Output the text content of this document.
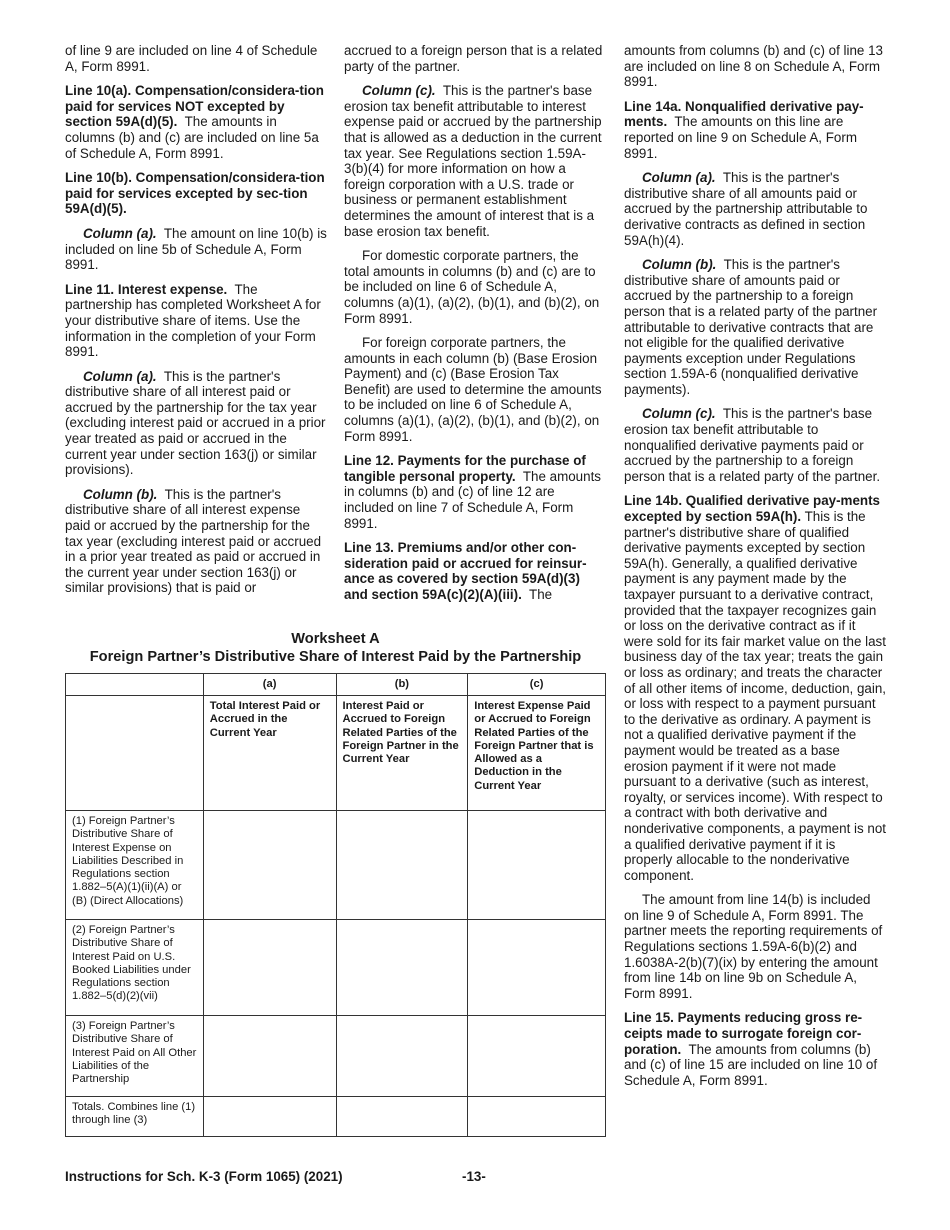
of line 9 are included on line 4 of Schedule A, Form 8991.

Line 10(a). Compensation/considera-tion paid for services NOT excepted by section 59A(d)(5). The amounts in columns (b) and (c) are included on line 5a of Schedule A, Form 8991.

Line 10(b). Compensation/considera-tion paid for services excepted by sec-tion 59A(d)(5).

Column (a). The amount on line 10(b) is included on line 5b of Schedule A, Form 8991.

Line 11. Interest expense. The partnership has completed Worksheet A for your distributive share of items. Use the information in the completion of your Form 8991.

Column (a). This is the partner's distributive share of all interest paid or accrued by the partnership for the tax year (excluding interest paid or accrued in a prior year treated as paid or accrued in the current year under section 163(j) or similar provisions).

Column (b). This is the partner's distributive share of all interest expense paid or accrued by the partnership for the tax year (excluding interest paid or accrued in a prior year treated as paid or accrued in the current year under section 163(j) or similar provisions) that is paid or

accrued to a foreign person that is a related party of the partner.

Column (c). This is the partner's base erosion tax benefit attributable to interest expense paid or accrued by the partnership that is allowed as a deduction in the current tax year. See Regulations section 1.59A-3(b)(4) for more information on how a foreign corporation with a U.S. trade or business or permanent establishment determines the amount of interest that is a base erosion tax benefit.

For domestic corporate partners, the total amounts in columns (b) and (c) are to be included on line 6 of Schedule A, columns (a)(1), (a)(2), (b)(1), and (b)(2), on Form 8991.

For foreign corporate partners, the amounts in each column (b) (Base Erosion Payment) and (c) (Base Erosion Tax Benefit) are used to determine the amounts to be included on line 6 of Schedule A, columns (a)(1), (a)(2), (b)(1), and (b)(2), on Form 8991.

Line 12. Payments for the purchase of tangible personal property. The amounts in columns (b) and (c) of line 12 are included on line 7 of Schedule A, Form 8991.

Line 13. Premiums and/or other con-sideration paid or accrued for reinsur-ance as covered by section 59A(d)(3) and section 59A(c)(2)(A)(iii). The

amounts from columns (b) and (c) of line 13 are included on line 8 on Schedule A, Form 8991.

Line 14a. Nonqualified derivative pay-ments. The amounts on this line are reported on line 9 on Schedule A, Form 8991.

Column (a). This is the partner's distributive share of all amounts paid or accrued by the partnership attributable to derivative contracts as defined in section 59A(h)(4).

Column (b). This is the partner's distributive share of amounts paid or accrued by the partnership to a foreign person that is a related party of the partner attributable to derivative contracts that are not eligible for the qualified derivative payments exception under Regulations section 1.59A-6 (nonqualified derivative payments).

Column (c). This is the partner's base erosion tax benefit attributable to nonqualified derivative payments paid or accrued by the partnership to a foreign person that is a related party of the partner.

Line 14b. Qualified derivative pay-ments excepted by section 59A(h). This is the partner's distributive share of qualified derivative payments excepted by section 59A(h). Generally, a qualified derivative payment is any payment made by the taxpayer pursuant to a derivative contract, provided that the taxpayer recognizes gain or loss on the derivative contract as if it were sold for its fair market value on the last business day of the tax year; treats the gain or loss as ordinary; and treats the character of all other items of income, deduction, gain, or loss with respect to a payment pursuant to the derivative as ordinary. A payment is not a qualified derivative payment if the payment would be treated as a base erosion payment if it were not made pursuant to a derivative (such as interest, royalty, or services income). With respect to a contract with both derivative and nonderivative components, a payment is not a qualified derivative payment if it is properly allocable to the nonderivative component.

The amount from line 14(b) is included on line 9 of Schedule A, Form 8991. The partner meets the reporting requirements of Regulations sections 1.59A-6(b)(2) and 1.6038A-2(b)(7)(ix) by entering the amount from line 14b on line 9b on Schedule A, Form 8991.

Line 15. Payments reducing gross re-ceipts made to surrogate foreign cor-poration. The amounts from columns (b) and (c) of line 15 are included on line 10 of Schedule A, Form 8991.

Worksheet A
Foreign Partner’s Distributive Share of Interest Paid by the Partnership
	(a)	(b)	(c)
	Total Interest Paid or Accrued in the Current Year	Interest Paid or Accrued to Foreign Related Parties of the Foreign Partner in the Current Year	Interest Expense Paid or Accrued to Foreign Related Parties of the Foreign Partner that is Allowed as a Deduction in the Current Year
(1) Foreign Partner’s Distributive Share of Interest Expense on Liabilities Described in Regulations section 1.882–5(A)(1)(ii)(A) or (B) (Direct Allocations)			
(2) Foreign Partner’s Distributive Share of Interest Paid on U.S. Booked Liabilities under Regulations section 1.882–5(d)(2)(vii)			
(3) Foreign Partner’s Distributive Share of Interest Paid on All Other Liabilities of the Partnership			
Totals. Combines line (1) through line (3)			
Instructions for Sch. K-3 (Form 1065) (2021)	-13-
